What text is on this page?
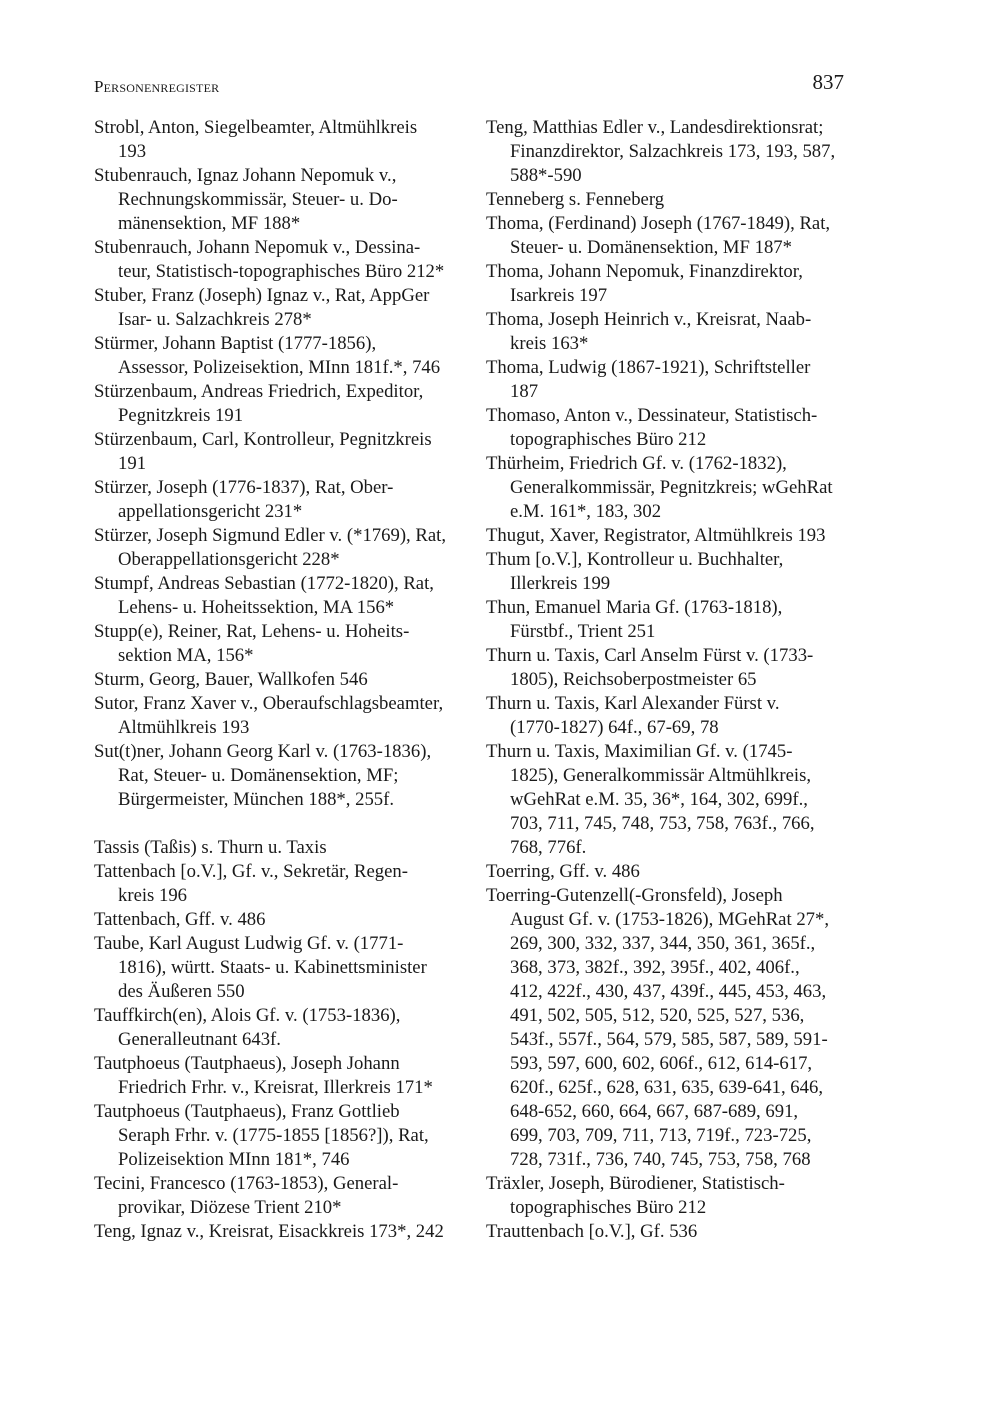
Personenregister	837
Strobl, Anton, Siegelbeamter, Altmühlkreis
193
Stubenrauch, Ignaz Johann Nepomuk v.,
Rechnungskommissär, Steuer- u. Do-
mänensektion, MF 188*
Stubenrauch, Johann Nepomuk v., Dessina-
teur, Statistisch-topographisches Büro 212*
Stuber, Franz (Joseph) Ignaz v., Rat, AppGer
Isar- u. Salzachkreis 278*
Stürmer, Johann Baptist (1777-1856),
Assessor, Polizeisektion, MInn 181f.*, 746
Stürzenbaum, Andreas Friedrich, Expeditor,
Pegnitzkreis 191
Stürzenbaum, Carl, Kontrolleur, Pegnitzkreis
191
Stürzer, Joseph (1776-1837), Rat, Ober-
appellationsgericht 231*
Stürzer, Joseph Sigmund Edler v. (*1769), Rat,
Oberappellationsgericht 228*
Stumpf, Andreas Sebastian (1772-1820), Rat,
Lehens- u. Hoheitssektion, MA 156*
Stupp(e), Reiner, Rat, Lehens- u. Hoheits-
sektion MA, 156*
Sturm, Georg, Bauer, Wallkofen 546
Sutor, Franz Xaver v., Oberaufschlagsbeamter,
Altmühlkreis 193
Sut(t)ner, Johann Georg Karl v. (1763-1836),
Rat, Steuer- u. Domänensektion, MF;
Bürgermeister, München 188*, 255f.
Tassis (Taßis) s. Thurn u. Taxis
Tattenbach [o.V.], Gf. v., Sekretär, Regen-
kreis 196
Tattenbach, Gff. v. 486
Taube, Karl August Ludwig Gf. v. (1771-
1816), württ. Staats- u. Kabinettsminister
des Äußeren 550
Tauffkirch(en), Alois Gf. v. (1753-1836),
Generalleutnant 643f.
Tautphoeus (Tautphaeus), Joseph Johann
Friedrich Frhr. v., Kreisrat, Illerkreis 171*
Tautphoeus (Tautphaeus), Franz Gottlieb
Seraph Frhr. v. (1775-1855 [1856?]), Rat,
Polizeisektion MInn 181*, 746
Tecini, Francesco (1763-1853), General-
provikar, Diözese Trient 210*
Teng, Ignaz v., Kreisrat, Eisackkreis 173*, 242
Teng, Matthias Edler v., Landesdirektionsrat;
Finanzdirektor, Salzachkreis 173, 193, 587,
588*-590
Tenneberg s. Fenneberg
Thoma, (Ferdinand) Joseph (1767-1849), Rat,
Steuer- u. Domänensektion, MF 187*
Thoma, Johann Nepomuk, Finanzdirektor,
Isarkreis 197
Thoma, Joseph Heinrich v., Kreisrat, Naab-
kreis 163*
Thoma, Ludwig (1867-1921), Schriftsteller
187
Thomaso, Anton v., Dessinateur, Statistisch-
topographisches Büro 212
Thürheim, Friedrich Gf. v. (1762-1832),
Generalkommissär, Pegnitzkreis; wGehRat
e.M. 161*, 183, 302
Thugut, Xaver, Registrator, Altmühlkreis 193
Thum [o.V.], Kontrolleur u. Buchhalter,
Illerkreis 199
Thun, Emanuel Maria Gf. (1763-1818),
Fürstbf., Trient 251
Thurn u. Taxis, Carl Anselm Fürst v. (1733-
1805), Reichsoberpostmeister 65
Thurn u. Taxis, Karl Alexander Fürst v.
(1770-1827) 64f., 67-69, 78
Thurn u. Taxis, Maximilian Gf. v. (1745-
1825), Generalkommissär Altmühlkreis,
wGehRat e.M. 35, 36*, 164, 302, 699f.,
703, 711, 745, 748, 753, 758, 763f., 766,
768, 776f.
Toerring, Gff. v. 486
Toerring-Gutenzell(-Gronsfeld), Joseph
August Gf. v. (1753-1826), MGehRat 27*,
269, 300, 332, 337, 344, 350, 361, 365f.,
368, 373, 382f., 392, 395f., 402, 406f.,
412, 422f., 430, 437, 439f., 445, 453, 463,
491, 502, 505, 512, 520, 525, 527, 536,
543f., 557f., 564, 579, 585, 587, 589, 591-
593, 597, 600, 602, 606f., 612, 614-617,
620f., 625f., 628, 631, 635, 639-641, 646,
648-652, 660, 664, 667, 687-689, 691,
699, 703, 709, 711, 713, 719f., 723-725,
728, 731f., 736, 740, 745, 753, 758, 768
Träxler, Joseph, Bürodiener, Statistisch-
topographisches Büro 212
Trauttenbach [o.V.], Gf. 536
